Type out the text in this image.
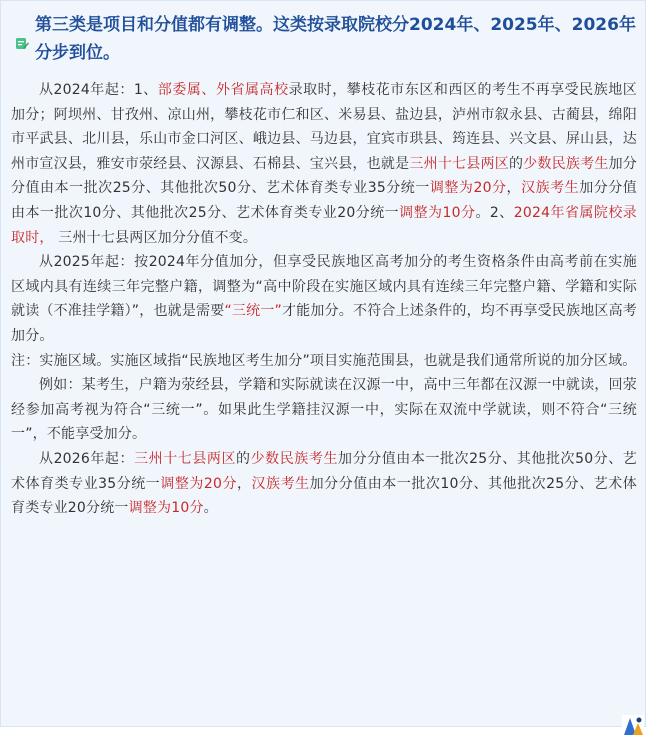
第三类是项目和分值都有调整。这类按录取院校分2024年、2025年、2026年分步到位。

从2024年起：1、部委属、外省属高校录取时，攀枝花市东区和西区的考生不再享受民族地区加分；阿坝州、甘孜州、凉山州，攀枝花市仁和区、米易县、盐边县，泸州市叙永县、古蔺县，绵阳市平武县、北川县，乐山市金口河区、峨边县、马边县，宜宾市珙县、筠连县、兴文县、屏山县，达州市宣汉县，雅安市荥经县、汉源县、石棉县、宝兴县，也就是三州十七县两区的少数民族考生加分分值由本一批次25分、其他批次50分、艺术体育类专业35分统一调整为20分，汉族考生加分分值由本一批次10分、其他批次25分、艺术体育类专业20分统一调整为10分。2、2024年省属院校录取时， 三州十七县两区加分分值不变。

从2025年起：按2024年分值加分，但享受民族地区高考加分的考生资格条件由高考前在实施区域内具有连续三年完整户籍，调整为“高中阶段在实施区域内具有连续三年完整户籍、学籍和实际就读（不准挂学籍）”，也就是需要“三统一”才能加分。不符合上述条件的，均不再享受民族地区高考加分。

注：实施区域。实施区域指“民族地区考生加分”项目实施范围县，也就是我们通常所说的加分区域。

例如：某考生，户籍为荥经县，学籍和实际就读在汉源一中，高中三年都在汉源一中就读，回荥经参加高考视为符合“三统一”。如果此生学籍挂汉源一中，实际在双流中学就读，则不符合“三统一”，不能享受加分。

从2026年起：三州十七县两区的少数民族考生加分分值由本一批次25分、其他批次50分、艺术体育类专业35分统一调整为20分，汉族考生加分分值由本一批次10分、其他批次25分、艺术体育类专业20分统一调整为10分。
